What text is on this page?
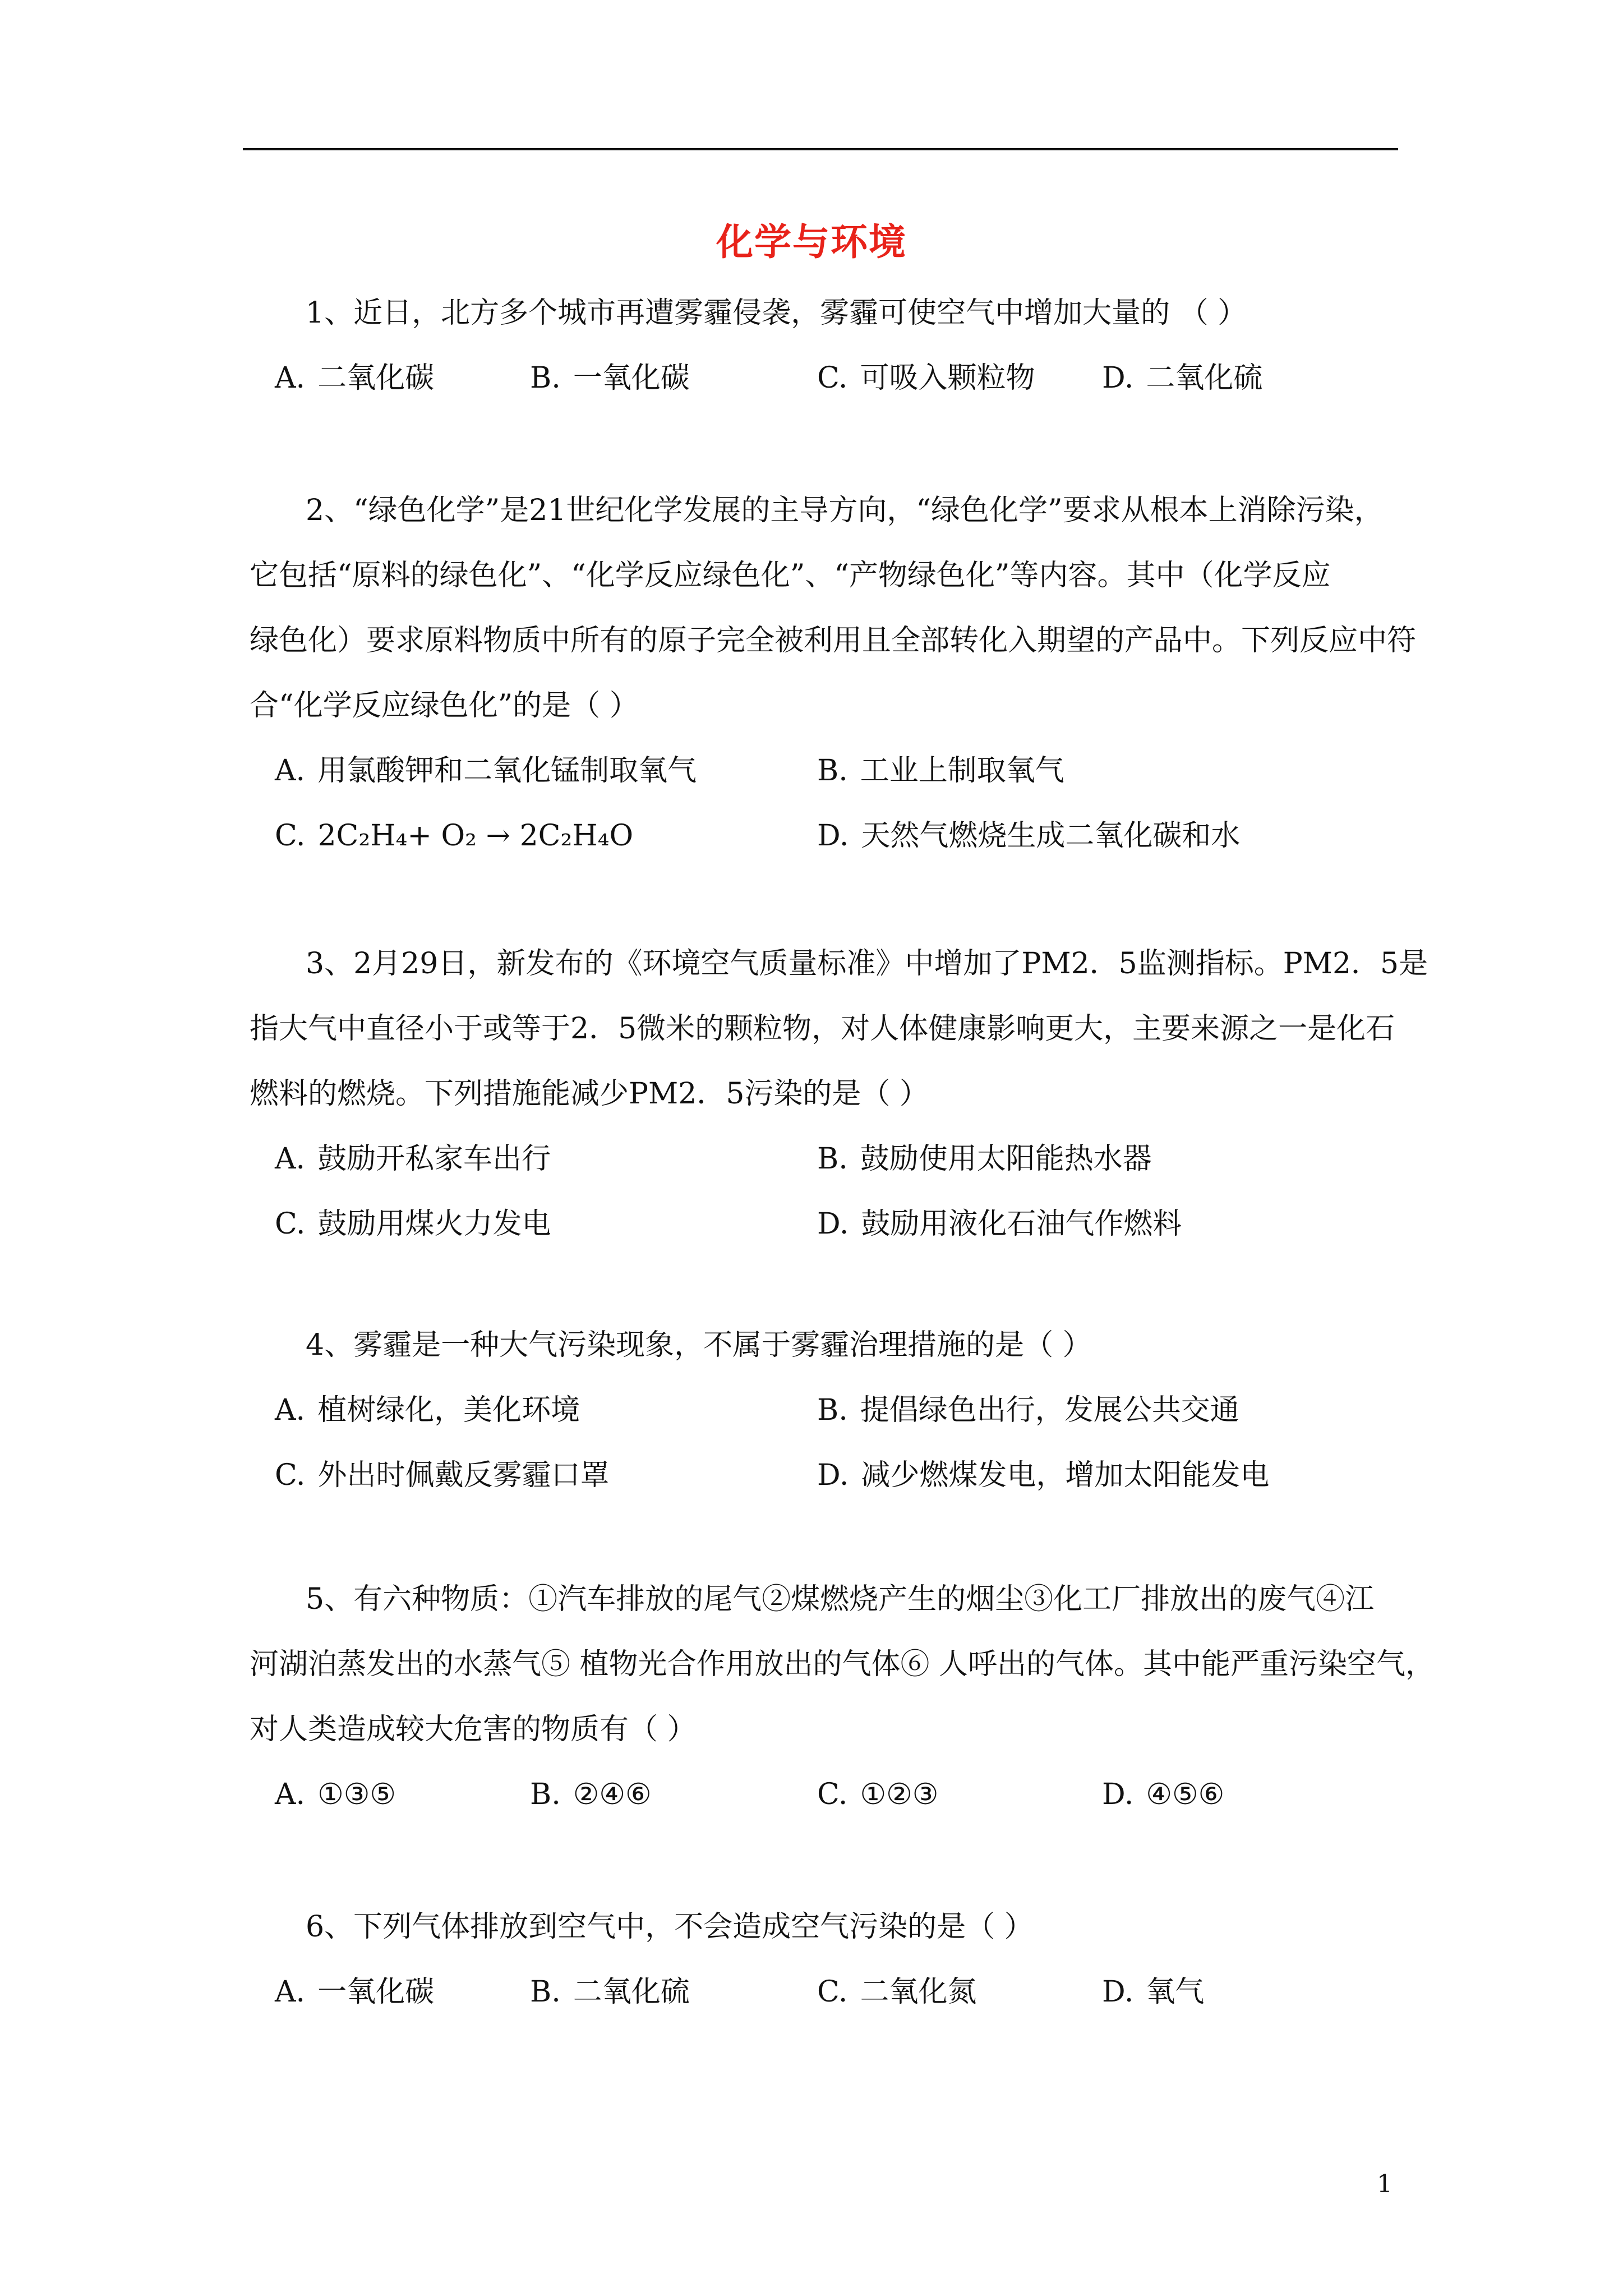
化学与环境
1、近日，北方多个城市再遭雾霾侵袭，雾霾可使空气中增加大量的 （ ）
A. 二氧化碳	B. 一氧化碳	C. 可吸入颗粒物 D. 二氧化硫
2、“绿色化学”是21世纪化学发展的主导方向，“绿色化学”要求从根本上消除污染，
它包括“原料的绿色化”、“化学反应绿色化”、“产物绿色化”等内容。其中（化学反应
绿色化）要求原料物质中所有的原子完全被利用且全部转化入期望的产品中。下列反应中符
合“化学反应绿色化”的是（ ）
A. 用氯酸钾和二氧化锰制取氧气	B. 工业上制取氧气
C. 2C₂H₄+ O₂ → 2C₂H₄O	D. 天然气燃烧生成二氧化碳和水
3、2月29日，新发布的《环境空气质量标准》中增加了PM2．5监测指标。PM2．5是
指大气中直径小于或等于2．5微米的颗粒物，对人体健康影响更大，主要来源之一是化石
燃料的燃烧。下列措施能减少PM2．5污染的是（ ）
A. 鼓励开私家车出行	B. 鼓励使用太阳能热水器
C. 鼓励用煤火力发电	D. 鼓励用液化石油气作燃料
4、雾霾是一种大气污染现象，不属于雾霾治理措施的是（ ）
A. 植树绿化，美化环境	B. 提倡绿色出行，发展公共交通
C. 外出时佩戴反雾霾口罩	D. 减少燃煤发电，增加太阳能发电
5、有六种物质：①汽车排放的尾气②煤燃烧产生的烟尘③化工厂排放出的废气④江
河湖泊蒸发出的水蒸气⑤ 植物光合作用放出的气体⑥ 人呼出的气体。其中能严重污染空气，
对人类造成较大危害的物质有（ ）
A. ①③⑤	B. ②④⑥	C. ①②③	D. ④⑤⑥
6、下列气体排放到空气中，不会造成空气污染的是（ ）
A. 一氧化碳	B. 二氧化硫	C. 二氧化氮	D. 氧气
1
